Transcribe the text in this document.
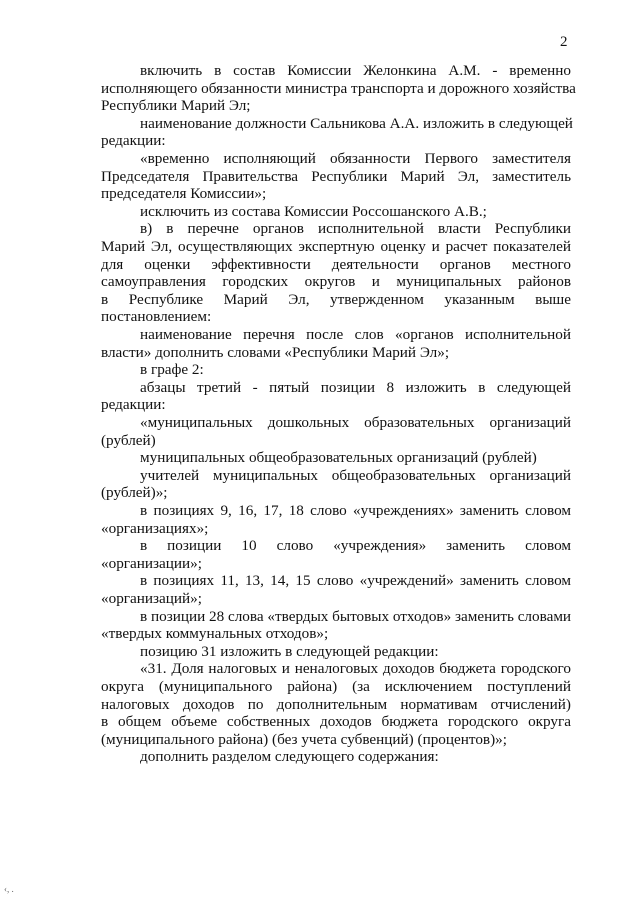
2
включить в состав Комиссии Желонкина А.М. - временно
исполняющего обязанности министра транспорта и дорожного хозяйства
Республики Марий Эл;
наименование должности Сальникова А.А. изложить в следующей
редакции:
«временно исполняющий обязанности Первого заместителя
Председателя Правительства Республики Марий Эл, заместитель
председателя Комиссии»;
исключить из состава Комиссии Россошанского А.В.;
в) в перечне органов исполнительной власти Республики
Марий Эл, осуществляющих экспертную оценку и расчет показателей
для оценки эффективности деятельности органов местного
самоуправления городских округов и муниципальных районов
в Республике Марий Эл, утвержденном указанным выше
постановлением:
наименование перечня после слов «органов исполнительной
власти» дополнить словами «Республики Марий Эл»;
в графе 2:
абзацы третий - пятый позиции 8 изложить в следующей
редакции:
«муниципальных дошкольных образовательных организаций
(рублей)
муниципальных общеобразовательных организаций (рублей)
учителей муниципальных общеобразовательных организаций
(рублей)»;
в позициях 9, 16, 17, 18 слово «учреждениях» заменить словом
«организациях»;
в позиции 10 слово «учреждения» заменить словом
«организации»;
в позициях 11, 13, 14, 15 слово «учреждений» заменить словом
«организаций»;
в позиции 28 слова «твердых бытовых отходов» заменить словами
«твердых коммунальных отходов»;
позицию 31 изложить в следующей редакции:
«31. Доля налоговых и неналоговых доходов бюджета городского
округа (муниципального района) (за исключением поступлений
налоговых доходов по дополнительным нормативам отчислений)
в общем объеме собственных доходов бюджета городского округа
(муниципального района) (без учета субвенций) (процентов)»;
дополнить разделом следующего содержания:
‹, .
